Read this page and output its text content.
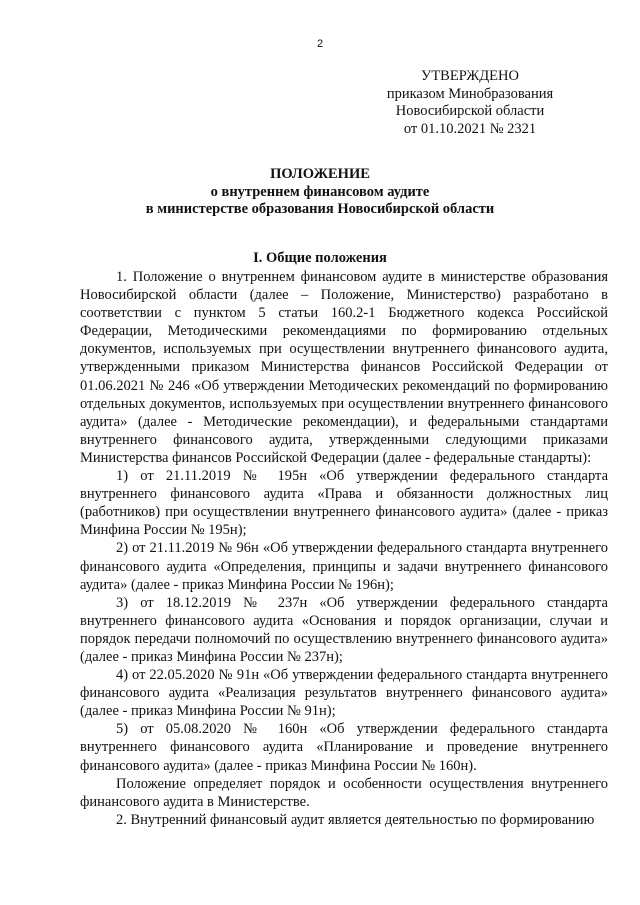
2
УТВЕРЖДЕНО
приказом Минобразования
Новосибирской области
от 01.10.2021 № 2321
ПОЛОЖЕНИЕ
о внутреннем финансовом аудите
в министерстве образования Новосибирской области
I. Общие положения

1. Положение о внутреннем финансовом аудите в министерстве образования Новосибирской области (далее – Положение, Министерство) разработано в соответствии с пунктом 5 статьи 160.2-1 Бюджетного кодекса Российской Федерации, Методическими рекомендациями по формированию отдельных документов, используемых при осуществлении внутреннего финансового аудита, утвержденными приказом Министерства финансов Российской Федерации от 01.06.2021 № 246 «Об утверждении Методических рекомендаций по формированию отдельных документов, используемых при осуществлении внутреннего финансового аудита» (далее - Методические рекомендации), и федеральными стандартами внутреннего финансового аудита, утвержденными следующими приказами Министерства финансов Российской Федерации (далее - федеральные стандарты):

1) от 21.11.2019 № 195н «Об утверждении федерального стандарта внутреннего финансового аудита «Права и обязанности должностных лиц (работников) при осуществлении внутреннего финансового аудита» (далее - приказ Минфина России № 195н);

2) от 21.11.2019 № 96н «Об утверждении федерального стандарта внутреннего финансового аудита «Определения, принципы и задачи внутреннего финансового аудита» (далее - приказ Минфина России № 196н);

3) от 18.12.2019 № 237н «Об утверждении федерального стандарта внутреннего финансового аудита «Основания и порядок организации, случаи и порядок передачи полномочий по осуществлению внутреннего финансового аудита» (далее - приказ Минфина России № 237н);

4) от 22.05.2020 № 91н «Об утверждении федерального стандарта внутреннего финансового аудита «Реализация результатов внутреннего финансового аудита» (далее - приказ Минфина России № 91н);

5) от 05.08.2020 № 160н «Об утверждении федерального стандарта внутреннего финансового аудита «Планирование и проведение внутреннего финансового аудита» (далее - приказ Минфина России № 160н).

Положение определяет порядок и особенности осуществления внутреннего финансового аудита в Министерстве.

2. Внутренний финансовый аудит является деятельностью по формированию
